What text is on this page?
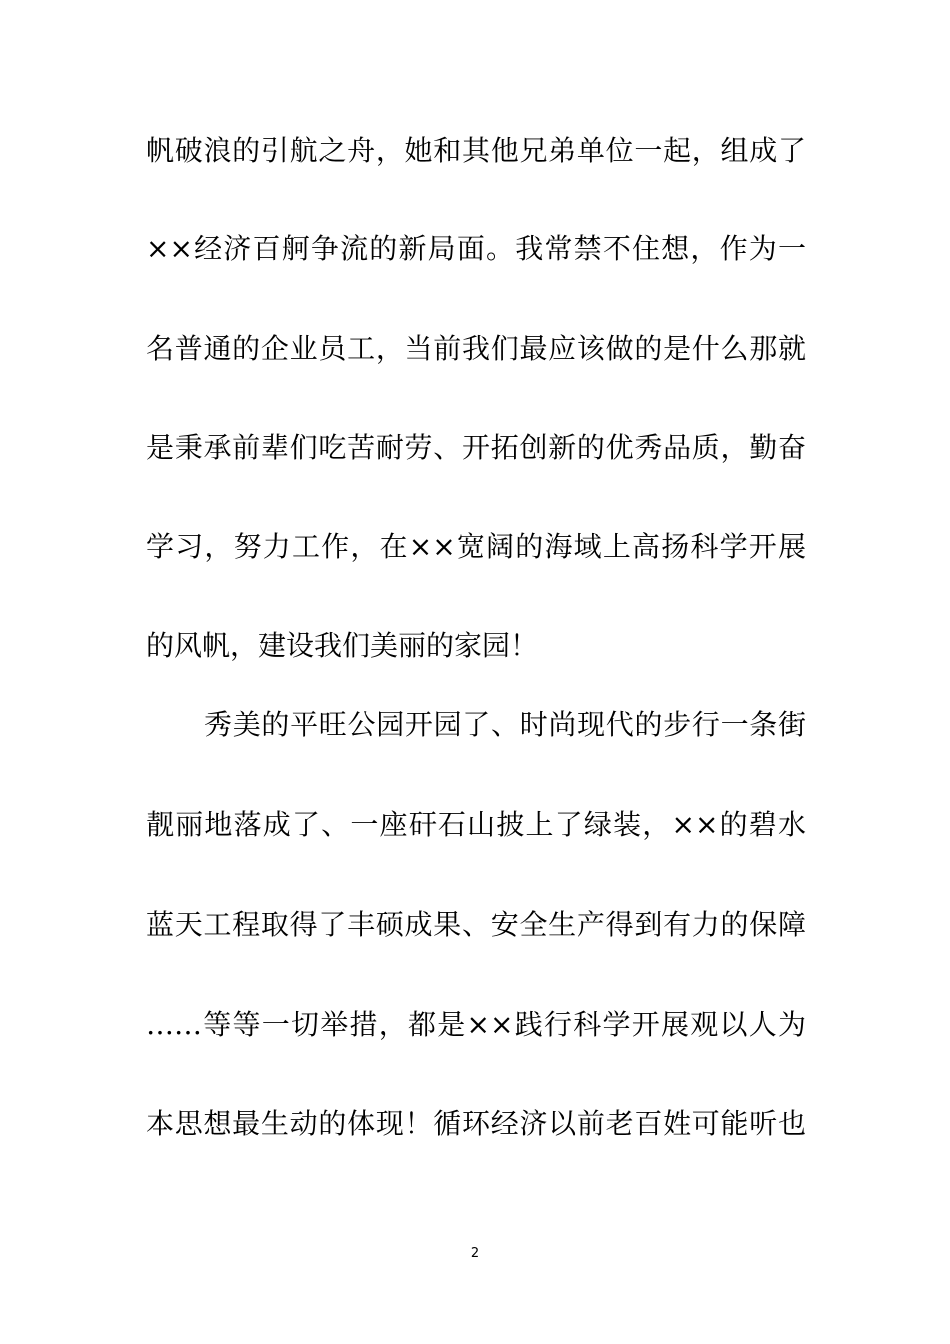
帆破浪的引航之舟，她和其他兄弟单位一起，组成了
××经济百舸争流的新局面。我常禁不住想，作为一
名普通的企业员工，当前我们最应该做的是什么那就
是秉承前辈们吃苦耐劳、开拓创新的优秀品质，勤奋
学习，努力工作，在××宽阔的海域上高扬科学开展
的风帆，建设我们美丽的家园！
秀美的平旺公园开园了、时尚现代的步行一条街
靓丽地落成了、一座矸石山披上了绿装，××的碧水
蓝天工程取得了丰硕成果、安全生产得到有力的保障
……等等一切举措，都是××践行科学开展观以人为
本思想最生动的体现！循环经济以前老百姓可能听也
2
